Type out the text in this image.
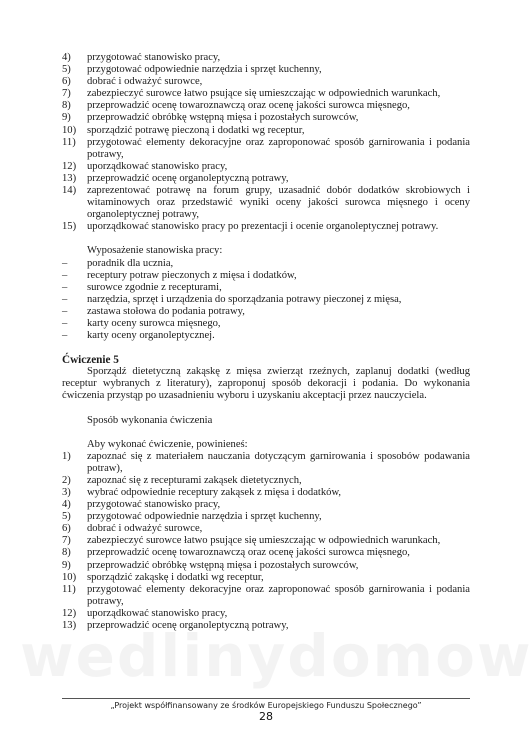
4) przygotować stanowisko pracy,
5) przygotować odpowiednie narzędzia i sprzęt kuchenny,
6) dobrać i odważyć surowce,
7) zabezpieczyć surowce łatwo psujące się umieszczając w odpowiednich warunkach,
8) przeprowadzić ocenę towaroznawczą oraz ocenę jakości surowca mięsnego,
9) przeprowadzić obróbkę wstępną mięsa i pozostałych surowców,
10) sporządzić potrawę pieczoną i dodatki wg receptur,
11) przygotować elementy dekoracyjne oraz zaproponować sposób garnirowania i podania potrawy,
12) uporządkować stanowisko pracy,
13) przeprowadzić ocenę organoleptyczną potrawy,
14) zaprezentować potrawę na forum grupy, uzasadnić dobór dodatków skrobiowych i witaminowych oraz przedstawić wyniki oceny jakości surowca mięsnego i oceny organoleptycznej potrawy,
15) uporządkować stanowisko pracy po prezentacji i ocenie organoleptycznej potrawy.
Wyposażenie stanowiska pracy:
– poradnik dla ucznia,
– receptury potraw pieczonych z mięsa i dodatków,
– surowce zgodnie z recepturami,
– narzędzia, sprzęt i urządzenia do sporządzania potrawy pieczonej z mięsa,
– zastawa stołowa do podania potrawy,
– karty oceny surowca mięsnego,
– karty oceny organoleptycznej.
Ćwiczenie 5

Sporządź dietetyczną zakąskę z mięsa zwierząt rzeźnych, zaplanuj dodatki (według receptur wybranych z literatury), zaproponuj sposób dekoracji i podania. Do wykonania ćwiczenia przystąp po uzasadnieniu wyboru i uzyskaniu akceptacji przez nauczyciela.

Sposób wykonania ćwiczenia
Aby wykonać ćwiczenie, powinieneś:
1) zapoznać się z materiałem nauczania dotyczącym garnirowania i sposobów podawania potraw),
2) zapoznać się z recepturami zakąsek dietetycznych,
3) wybrać odpowiednie receptury zakąsek z mięsa i dodatków,
4) przygotować stanowisko pracy,
5) przygotować odpowiednie narzędzia i sprzęt kuchenny,
6) dobrać i odważyć surowce,
7) zabezpieczyć surowce łatwo psujące się umieszczając w odpowiednich warunkach,
8) przeprowadzić ocenę towaroznawczą oraz ocenę jakości surowca mięsnego,
9) przeprowadzić obróbkę wstępną mięsa i pozostałych surowców,
10) sporządzić zakąskę i dodatki wg receptur,
11) przygotować elementy dekoracyjne oraz zaproponować sposób garnirowania i podania potrawy,
12) uporządkować stanowisko pracy,
13) przeprowadzić ocenę organoleptyczną potrawy,
„Projekt współfinansowany ze środków Europejskiego Funduszu Społecznego”
28
